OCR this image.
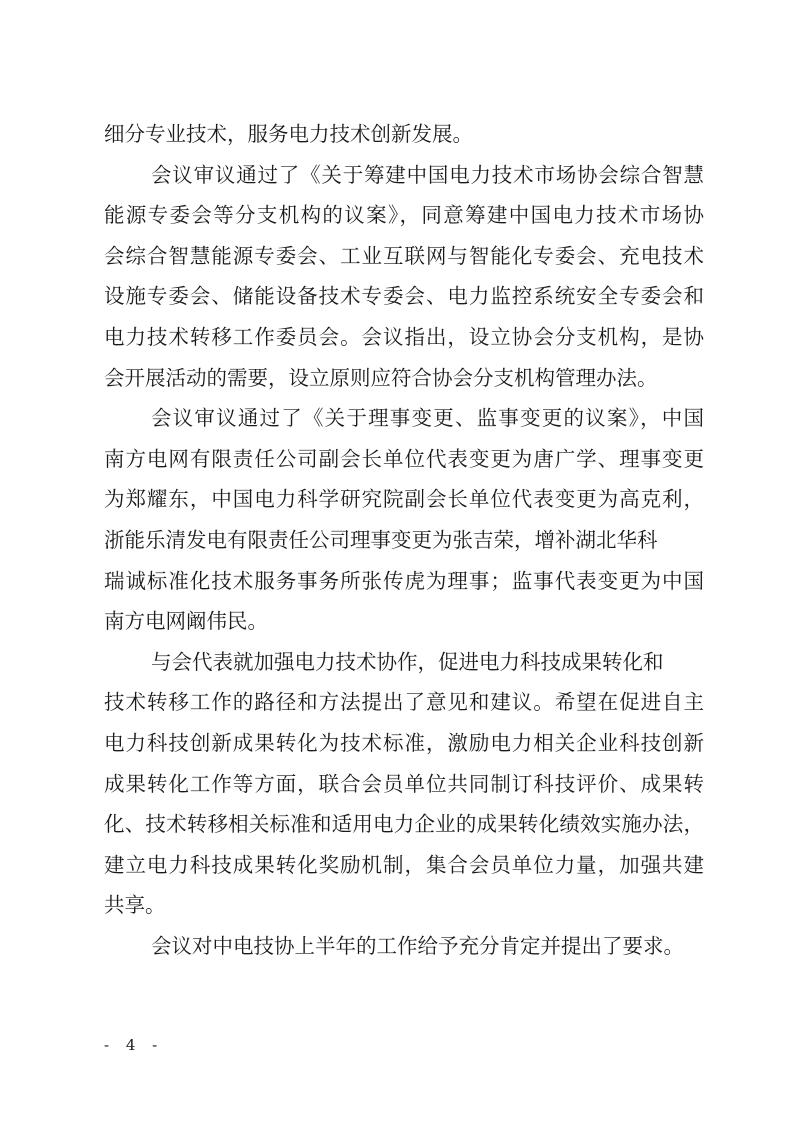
细分专业技术，服务电力技术创新发展。
会议审议通过了《关于筹建中国电力技术市场协会综合智慧
能源专委会等分支机构的议案》，同意筹建中国电力技术市场协
会综合智慧能源专委会、工业互联网与智能化专委会、充电技术
设施专委会、储能设备技术专委会、电力监控系统安全专委会和
电力技术转移工作委员会。会议指出，设立协会分支机构，是协
会开展活动的需要，设立原则应符合协会分支机构管理办法。
会议审议通过了《关于理事变更、监事变更的议案》，中国
南方电网有限责任公司副会长单位代表变更为唐广学、理事变更
为郑耀东，中国电力科学研究院副会长单位代表变更为高克利，
浙能乐清发电有限责任公司理事变更为张吉荣，增补湖北华科
瑞诚标准化技术服务事务所张传虎为理事；监事代表变更为中国
南方电网阚伟民。
与会代表就加强电力技术协作，促进电力科技成果转化和
技术转移工作的路径和方法提出了意见和建议。希望在促进自主
电力科技创新成果转化为技术标准，激励电力相关企业科技创新
成果转化工作等方面，联合会员单位共同制订科技评价、成果转
化、技术转移相关标准和适用电力企业的成果转化绩效实施办法，
建立电力科技成果转化奖励机制，集合会员单位力量，加强共建
共享。
会议对中电技协上半年的工作给予充分肯定并提出了要求。
- 4 -
